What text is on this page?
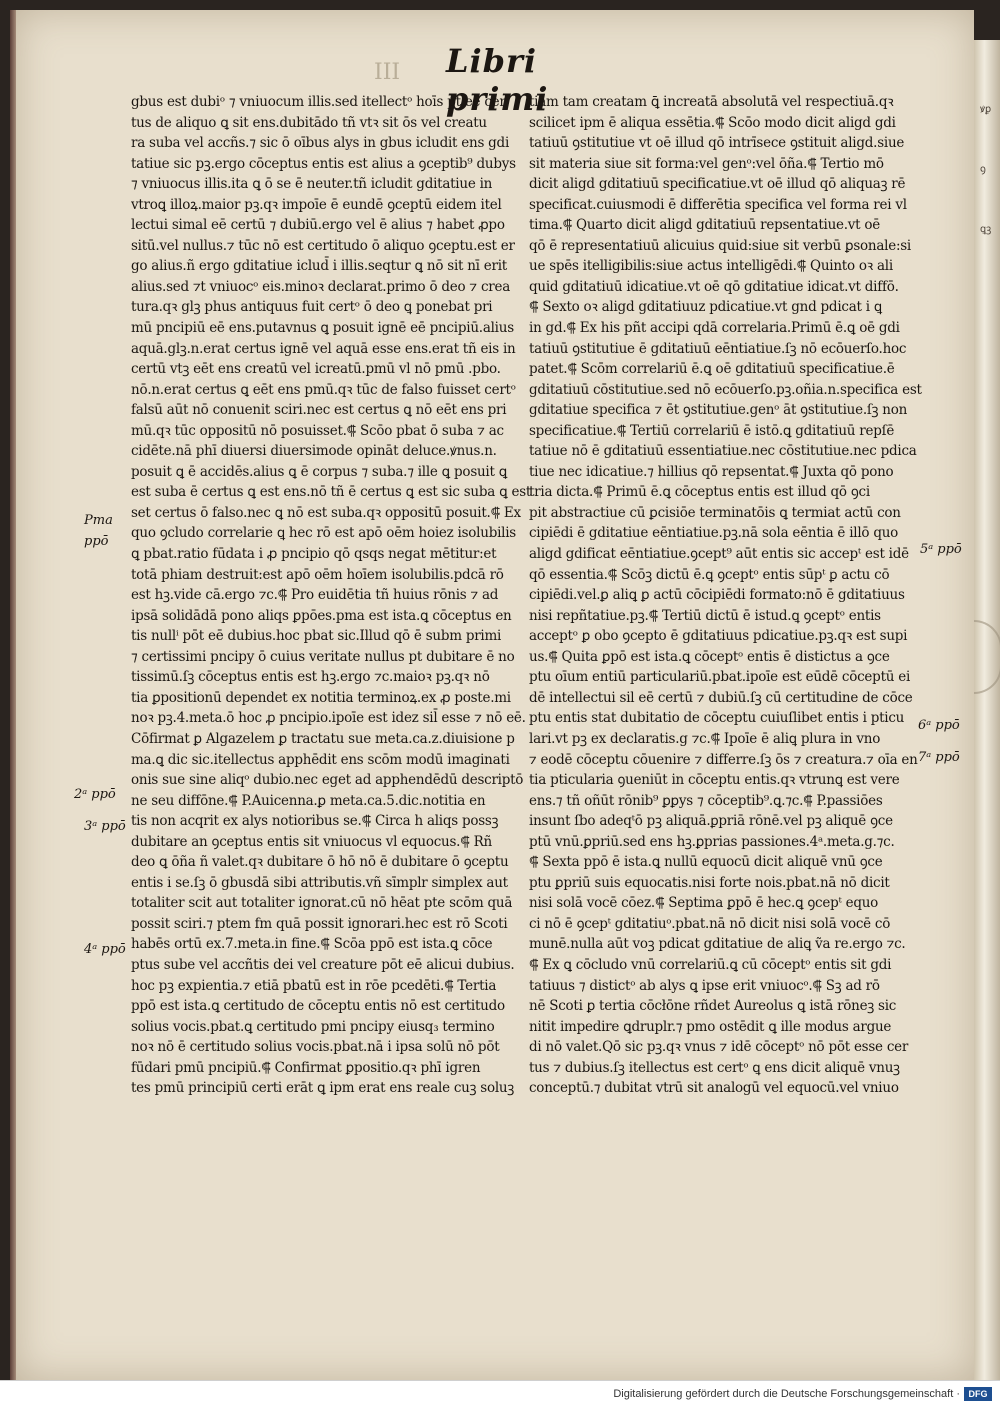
III	Libri primi
gbus est dubiᵒ ⁊ vniuocum illis.sed itellectᵒ hoīs pt eē cer
tus de aliquo ꝗ sit ens.dubitādo tñ vtꝛ sit ōs vel creatu
ra suba vel accñs.⁊ sic ō oībus alys in gbus icludit ens gdi
tatiue sic pꝫ.ergo cōceptus entis est alius a ꝯceptib⁹ dubys
⁊ vniuocus illis.ita ꝗ ō se ē neuter.tñ icludit gditatiue in
vtroꝗ illoꝝ.maior pꝫ.qꝛ impoīe ē eundē ꝯceptū eidem itel
lectui simal eē certū ⁊ dubiū.ergo vel ē alius ⁊ habet ꝓpo
sitū.vel nullus.⁊ tūc nō est certitudo ō aliquo ꝯceptu.est er
go alius.ñ ergo gditatiue iclud̄ i illis.seqtur ꝗ nō sit nī erit
alius.sed ⁊t vniuocᵒ eis.minoꝛ declarat.primo ō deo ⁊ crea
tura.qꝛ glꝫ phus antiquus fuit certᵒ ō deo ꝗ ponebat pri
mū pncipiū eē ens.putavnus ꝗ posuit ignē eē pncipiū.alius
aquā.glꝫ.n.erat certus ignē vel aquā esse ens.erat tñ eis in
certū vtꝫ eēt ens creatū vel icreatū.pmū vl nō pmū .pbo.
nō.n.erat certus ꝗ eēt ens pmū.qꝛ tūc de falso fuisset certᵒ
falsū aūt nō conuenit sciri.nec est certus ꝗ nō eēt ens pri
mū.qꝛ tūc oppositū nō posuisset.⸿ Scōo pbat ō suba ⁊ ac
cidēte.nā phī diuersi diuersimode opināt deluce.ꝟnus.n.
posuit ꝗ ē accidēs.alius ꝗ ē corpus ⁊ suba.⁊ ille ꝗ posuit ꝗ
est suba ē certus ꝗ est ens.nō tñ ē certus ꝗ est sic suba ꝗ est
set certus ō falso.nec ꝗ nō est suba.qꝛ oppositū posuit.⸿ Ex
quo ꝯcludo correlarie ꝗ hec rō est apō oēm hoiez isolubilis
ꝗ pbat.ratio fūdata i ꝓ pncipio qō qsqs negat mētitur:et
totā phiam destruit:est apō oēm hoīem isolubilis.pdcā rō
est hꝫ.vide cā.ergo ⁊c.⸿ Pro euidētia tñ huius rōnis ⁊ ad
ipsā solidādā pono aliqs ꝑpōes.pma est ista.ꝗ cōceptus en
tis nullⁱ pōt eē dubius.hoc pbat sic.Illud qō ē subm primi
⁊ certissimi pncipy ō cuius veritate nullus pt dubitare ē no
tissimū.ſꝫ cōceptus entis est hꝫ.ergo ⁊c.maioꝛ pꝫ.qꝛ nō
tia ꝑpositionū dependet ex notitia terminoꝝ.ex ꝓ poste.mi
noꝛ pꝫ.4.meta.ō hoc ꝓ pncipio.ipoīe est idez sil̄ esse ⁊ nō eē.
Cōfirmat ꝑ Algazelem ꝑ tractatu sue meta.ca.z.diuisione p
ma.ꝗ dic sic.itellectus apphēdit ens scōm modū imaginati
onis sue sine aliqᵒ dubio.nec eget ad apphendēdū descriptō
ne seu diffōne.⸿ P.Auicenna.ꝑ meta.ca.5.dic.notitia en
tis non acqrit ex alys notioribus se.⸿ Circa h aliqs possꝫ
dubitare an ꝯceptus entis sit vniuocus vl equocus.⸿ Rñ
deo ꝗ ōña ñ valet.qꝛ dubitare ō hō nō ē dubitare ō ꝯceptu
entis i se.ſꝫ ō gbusdā sibi attributis.vñ sīmplr simplex aut
totaliter scit aut totaliter ignorat.cū nō hēat pte scōm quā
possit sciri.⁊ ptem fm quā possit ignorari.hec est rō Scoti
habēs ortū ex.7.meta.in fine.⸿ Scōa ppō est ista.ꝗ cōce
ptus sube vel accñtis dei vel creature pōt eē alicui dubius.
hoc pꝫ expientia.⁊ etiā pbatū est in rōe pcedēti.⸿ Tertia
ppō est ista.ꝗ certitudo de cōceptu entis nō est certitudo
solius vocis.pbat.ꝗ certitudo pmi pncipy eiusq₃ termino
noꝛ nō ē certitudo solius vocis.pbat.nā i ipsa solū nō pōt
fūdari pmū pncipiū.⸿ Confirmat ꝑpositio.qꝛ phī igren
tes pmū principiū certi erāt ꝗ ipm erat ens reale cuꝫ soluꝫ
tiam tam creatam ꝗ̄ increatā absolutā vel respectiuā.qꝛ
scilicet ipm ē aliqua essētia.⸿ Scōo modo dicit aligd gdi
tatiuū ꝯstitutiue vt oē illud qō intrīsece ꝯstituit aligd.siue
sit materia siue sit forma:vel genᵒ:vel ōña.⸿ Tertio mō
dicit aligd gditatiuū specificatiue.vt oē illud qō aliquaꝫ rē
specificat.cuiusmodi ē differētia specifica vel forma rei vl
tima.⸿ Quarto dicit aligd gditatiuū repsentatiue.vt oē
qō ē representatiuū alicuius quid:siue sit verbū ꝑsonale:si
ue spēs itelligibilis:siue actus intelligēdi.⸿ Quinto oꝛ ali
quid gditatiuū idicatiue.vt oē qō gditatiue idicat.vt diffō.
⸿ Sexto oꝛ aligd gditatiuuz pdicatiue.vt gnd pdicat i ꝗ
in gd.⸿ Ex his pñt accipi qdā correlaria.Primū ē.ꝗ oē gdi
tatiuū ꝯstitutiue ē gditatiuū eēntiatiue.ſꝫ nō ecōuerſo.hoc
patet.⸿ Scōm correlariū ē.ꝗ oē gditatiuū specificatiue.ē
gditatiuū cōstitutiue.sed nō ecōuerſo.pꝫ.oñia.n.specifica est
gditatiue specifica ⁊ ēt ꝯstitutiue.genᵒ āt ꝯstitutiue.ſꝫ non
specificatiue.⸿ Tertiū correlariū ē istō.ꝗ gditatiuū repſē
tatiue nō ē gditatiuū essentiatiue.nec cōstitutiue.nec pdica
tiue nec idicatiue.⁊ hillius qō repsentat.⸿ Juxta qō pono
tria dicta.⸿ Primū ē.ꝗ cōceptus entis est illud qō ꝯci
pit abstractiue cū ꝑcisiōe terminatōis ꝗ termiat actū con
cipiēdi ē gditatiue eēntiatiue.pꝫ.nā sola eēntia ē illō quo
aligd gdificat eēntiatiue.ꝯcept⁹ aūt entis sic accepᵗ est idē
qō essentia.⸿ Scōꝫ dictū ē.ꝗ ꝯceptᵒ entis sūpᵗ ꝑ actu cō
cipiēdi.vel.ꝑ aliꝗ ꝑ actū cōcipiēdi formato:nō ē gditatiuus
nisi repñtatiue.pꝫ.⸿ Tertiū dictū ē istud.ꝗ ꝯceptᵒ entis
acceptᵒ ꝑ obo ꝯcepto ē gditatiuus pdicatiue.pꝫ.qꝛ est supi
us.⸿ Quita ꝑpō est ista.ꝗ cōceptᵒ entis ē distictus a ꝯce
ptu oīum entiū particulariū.pbat.ipoīe est eūdē cōceptū ei
dē intellectui sil eē certū ⁊ dubiū.ſꝫ cū certitudine de cōce
ptu entis stat dubitatio de cōceptu cuiuſlibet entis i pticu
lari.vt pꝫ ex declaratis.g ⁊c.⸿ Ipoīe ē aliꝗ plura in vno
⁊ eodē cōceptu cōuenire ⁊ differre.ſꝫ ōs ⁊ creatura.⁊ oīa en
tia pticularia ꝯueniūt in cōceptu entis.qꝛ vtrunꝗ est vere
ens.⁊ tñ oñūt rōnib⁹ ꝑꝑys ⁊ cōceptib⁹.ꝗ.⁊c.⸿ P.passiōes
insunt ſbo adeqᵗō pꝫ aliquā.ꝑpriā rōnē.vel pꝫ aliquē ꝯce
ptū vnū.ꝑpriū.sed ens hꝫ.ꝑprias passiones.4ᵃ.meta.g.⁊c.
⸿ Sexta ppō ē ista.ꝗ nullū equocū dicit aliquē vnū ꝯce
ptu ꝑpriū suis equocatis.nisi forte nois.pbat.nā nō dicit
nisi solā vocē cōez.⸿ Septima ꝑpō ē hec.ꝗ ꝯcepᵗ equo
ci nō ē ꝯcepᵗ gditatiuᵒ.pbat.nā nō dicit nisi solā vocē cō
munē.nulla aūt voꝫ pdicat gditatiue de aliꝗ ṽa re.ergo ⁊c.
⸿ Ex ꝗ cōcludo vnū correlariū.ꝗ cū cōceptᵒ entis sit gdi
tatiuus ⁊ distictᵒ ab alys ꝗ ipse erit vniuocᵒ.⸿ Sꝫ ad rō
nē Scoti ꝑ tertia cōcłōne rñdet Aureolus ꝗ istā rōneꝫ sic
nitit impedire ꝗdruplr.⁊ pmo ostēdit ꝗ ille modus argue
di nō valet.Qō sic pꝫ.qꝛ vnus ⁊ idē cōceptᵒ nō pōt esse cer
tus ⁊ dubius.ſꝫ itellectus est certᵒ ꝗ ens dicit aliquē vnuꝫ
conceptū.⁊ dubitat vtrū sit analogū vel equocū.vel vniuo
Pma
ppō
2ᵃ ppō
3ᵃ ppō
4ᵃ ppō
5ᵃ ppō
6ᵃ ppō
7ᵃ ppō
ꝟꝑꝯꝗꝫ
Digitalisierung gefördert durch die Deutsche Forschungsgemeinschaft · DFG
